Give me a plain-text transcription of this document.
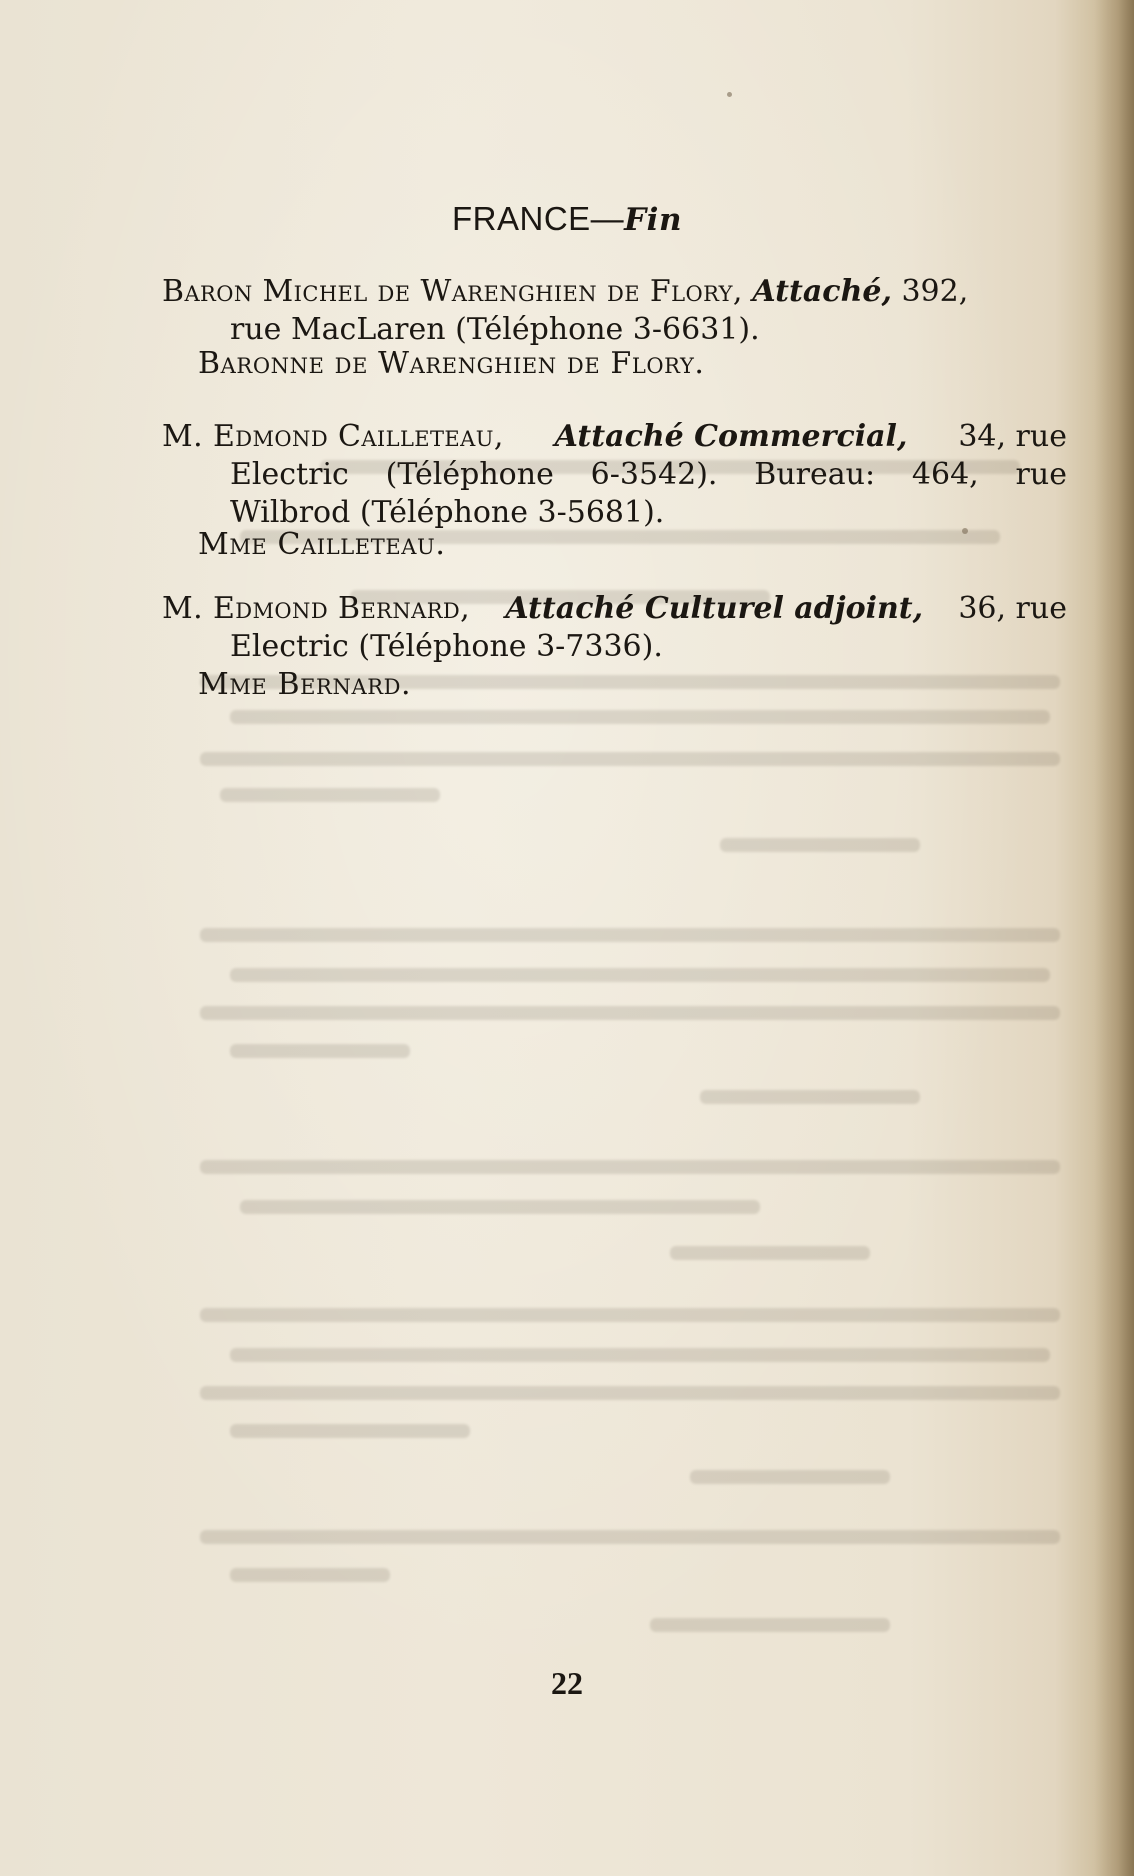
FRANCE—Fin
Baron Michel de Warenghien de Flory, Attaché, 392,
rue MacLaren (Téléphone 3-6631).
Baronne de Warenghien de Flory.
M. Edmond Cailleteau, Attaché Commercial, 34, rue
Electric (Téléphone 6-3542). Bureau: 464, rue
Wilbrod (Téléphone 3-5681).
Mme Cailleteau.
M. Edmond Bernard, Attaché Culturel adjoint, 36, rue
Electric (Téléphone 3-7336).
Mme Bernard.
22
